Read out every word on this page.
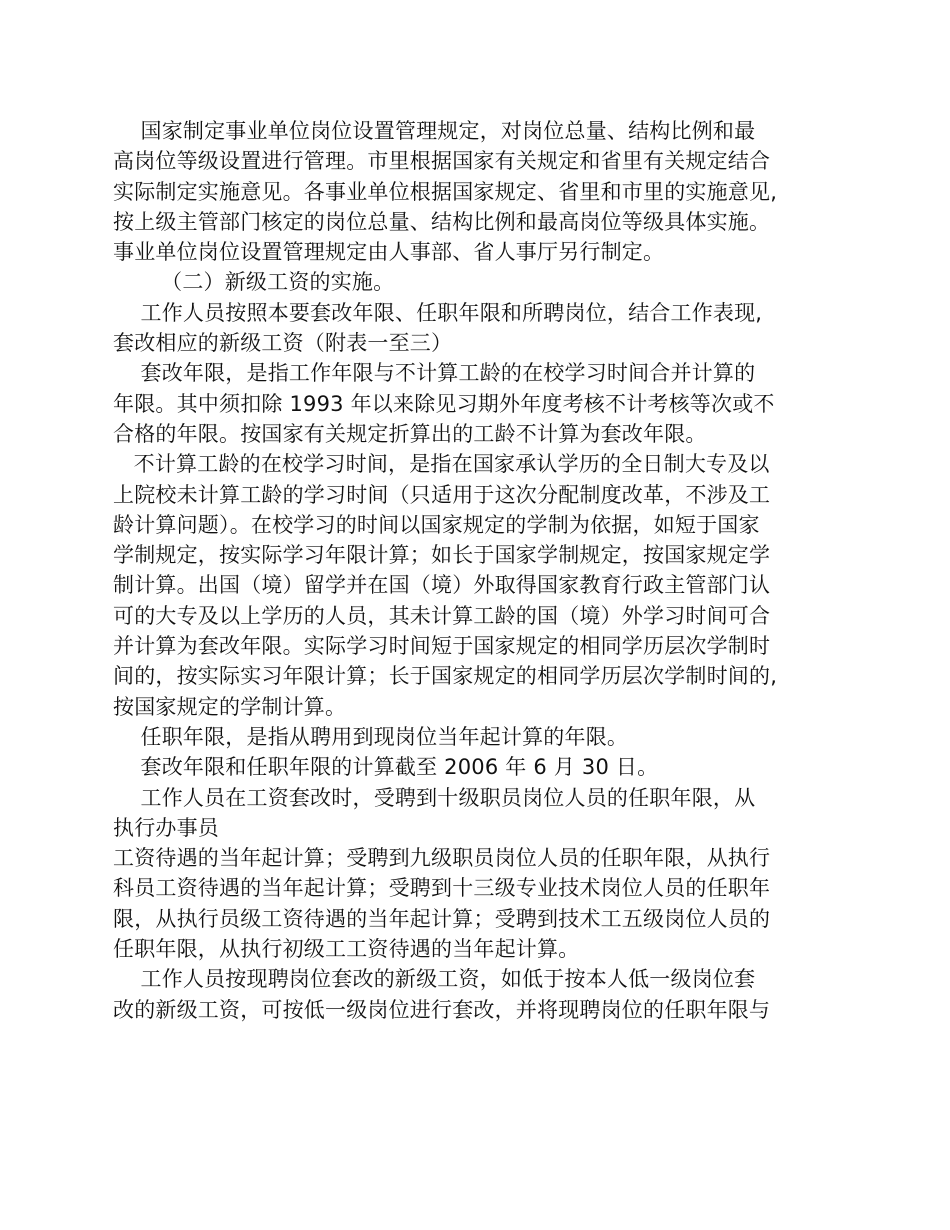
国家制定事业单位岗位设置管理规定，对岗位总量、结构比例和最
高岗位等级设置进行管理。市里根据国家有关规定和省里有关规定结合
实际制定实施意见。各事业单位根据国家规定、省里和市里的实施意见,
按上级主管部门核定的岗位总量、结构比例和最高岗位等级具体实施。
事业单位岗位设置管理规定由人事部、省人事厅另行制定。
（二）新级工资的实施。
工作人员按照本要套改年限、任职年限和所聘岗位，结合工作表现,
套改相应的新级工资（附表一至三）
套改年限，是指工作年限与不计算工龄的在校学习时间合并计算的
年限。其中须扣除 1993 年以来除见习期外年度考核不计考核等次或不
合格的年限。按国家有关规定折算出的工龄不计算为套改年限。
不计算工龄的在校学习时间，是指在国家承认学历的全日制大专及以
上院校未计算工龄的学习时间（只适用于这次分配制度改革，不涉及工
龄计算问题）。在校学习的时间以国家规定的学制为依据，如短于国家
学制规定，按实际学习年限计算；如长于国家学制规定，按国家规定学
制计算。出国（境）留学并在国（境）外取得国家教育行政主管部门认
可的大专及以上学历的人员，其未计算工龄的国（境）外学习时间可合
并计算为套改年限。实际学习时间短于国家规定的相同学历层次学制时
间的，按实际实习年限计算；长于国家规定的相同学历层次学制时间的,
按国家规定的学制计算。
任职年限，是指从聘用到现岗位当年起计算的年限。
套改年限和任职年限的计算截至 2006 年 6 月 30 日。
工作人员在工资套改时，受聘到十级职员岗位人员的任职年限，从
执行办事员
工资待遇的当年起计算；受聘到九级职员岗位人员的任职年限，从执行
科员工资待遇的当年起计算；受聘到十三级专业技术岗位人员的任职年
限，从执行员级工资待遇的当年起计算；受聘到技术工五级岗位人员的
任职年限，从执行初级工工资待遇的当年起计算。
工作人员按现聘岗位套改的新级工资，如低于按本人低一级岗位套
改的新级工资，可按低一级岗位进行套改，并将现聘岗位的任职年限与
